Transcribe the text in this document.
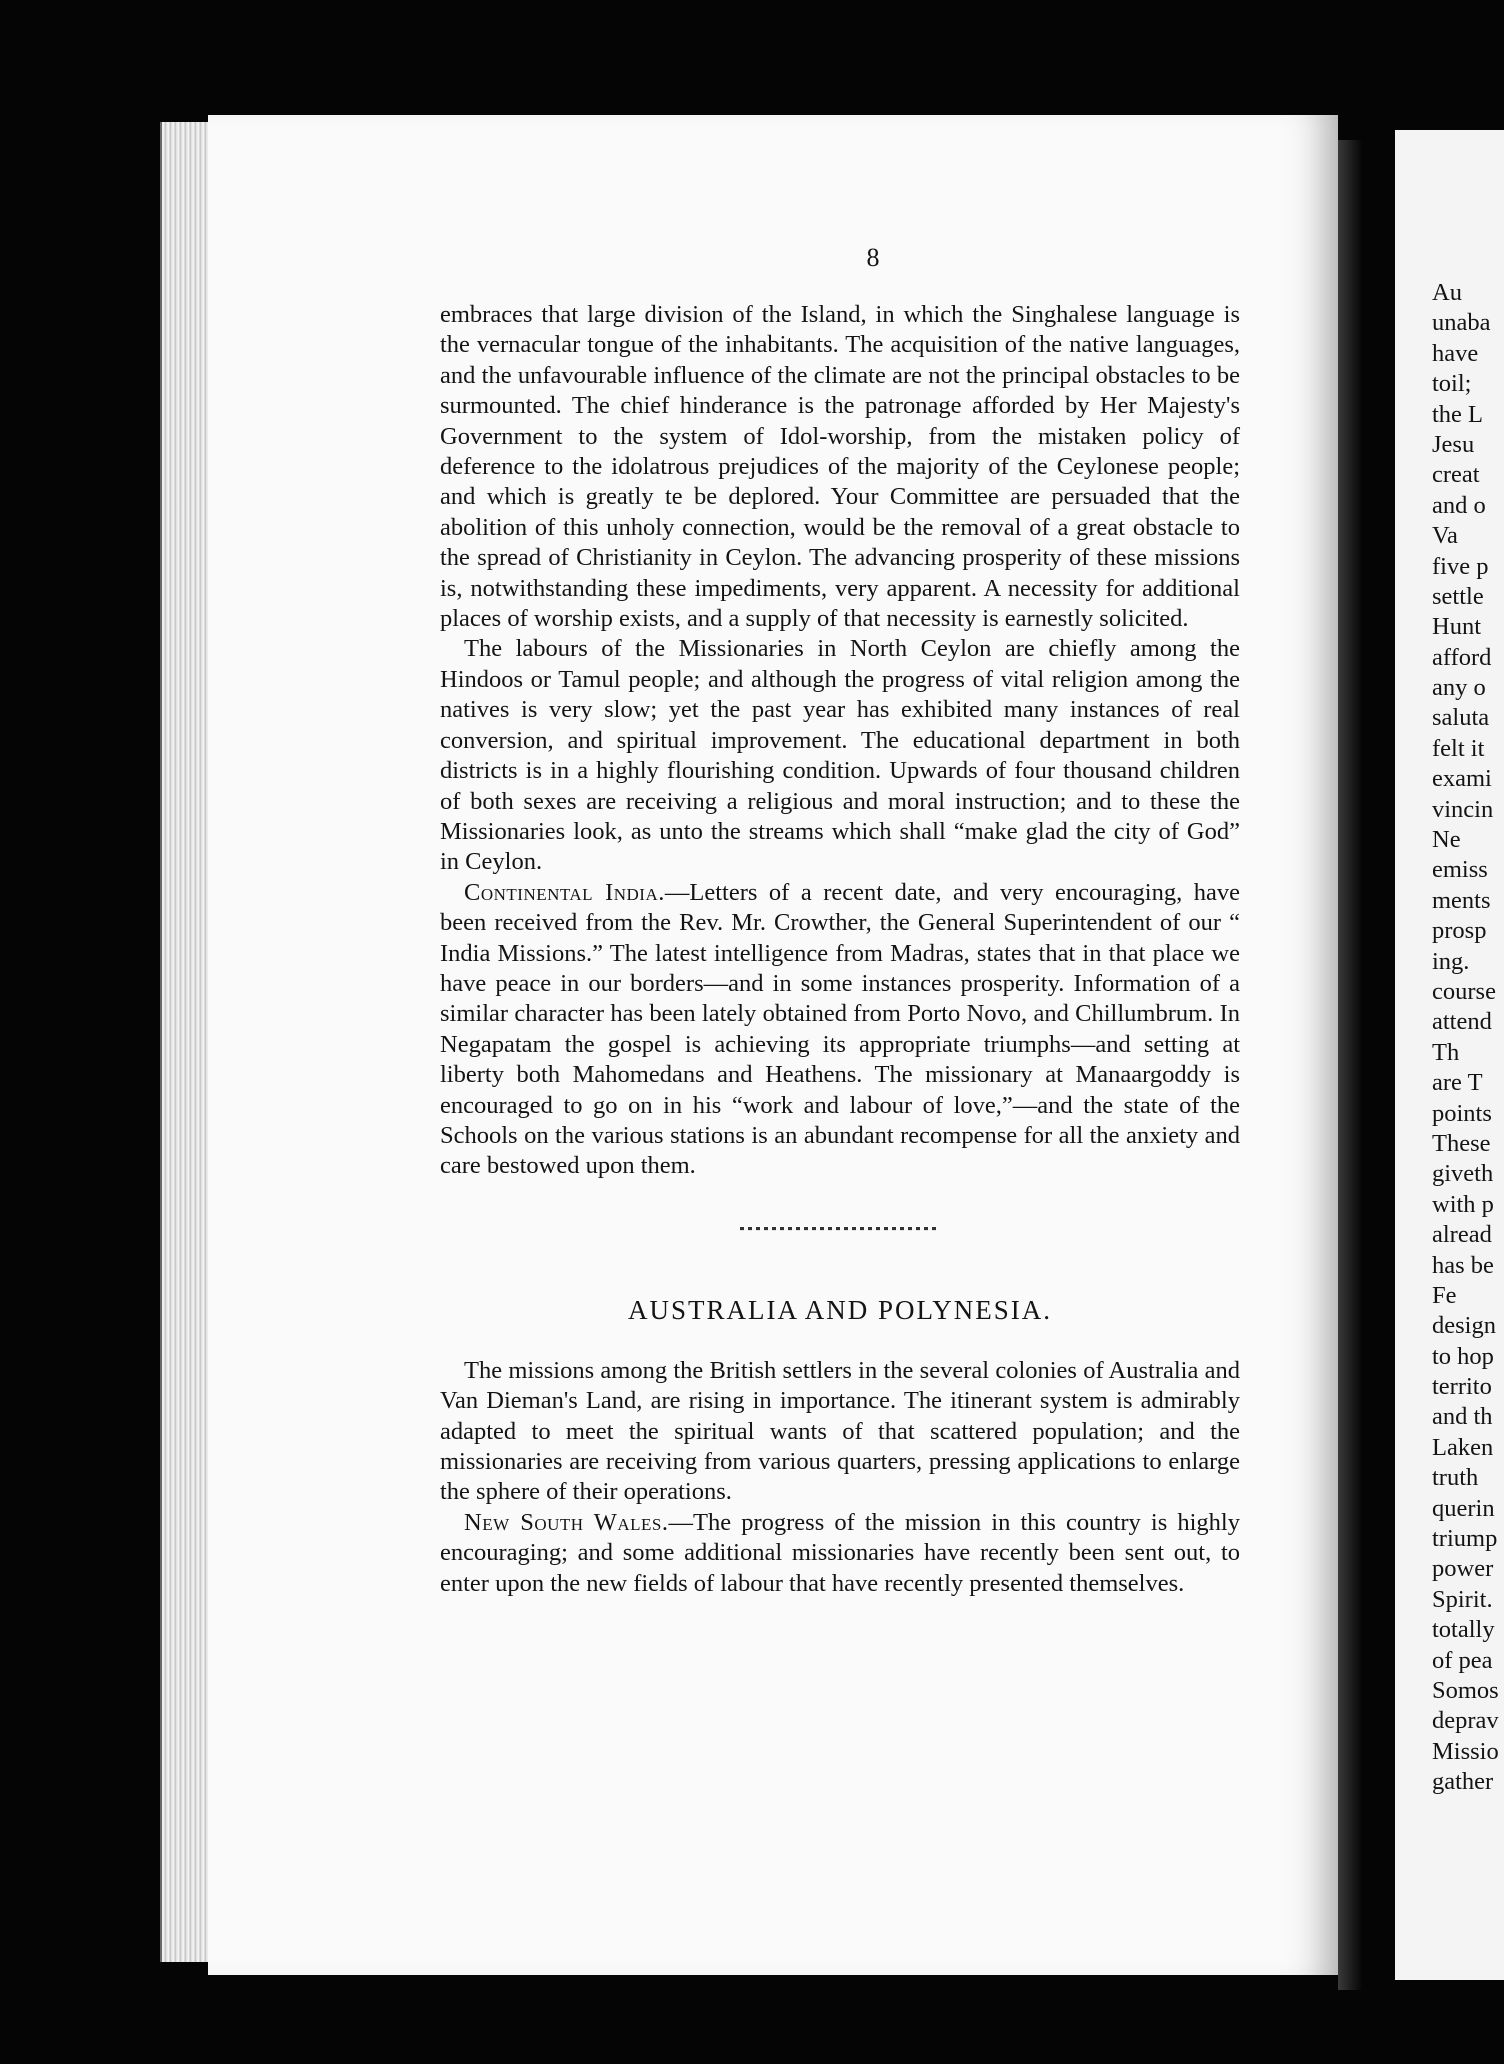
8

embraces that large division of the Island, in which the Singhalese language is the vernacular tongue of the inhabitants. The acquisition of the native languages, and the unfavourable influence of the climate are not the principal obstacles to be surmounted. The chief hinderance is the patronage afforded by Her Majesty's Government to the system of Idol-worship, from the mistaken policy of deference to the idolatrous prejudices of the majority of the Ceylonese people; and which is greatly te be deplored. Your Committee are persuaded that the abolition of this unholy connection, would be the removal of a great obstacle to the spread of Christianity in Ceylon. The advancing prosperity of these missions is, notwithstanding these impediments, very apparent. A necessity for additional places of worship exists, and a supply of that necessity is earnestly solicited.

The labours of the Missionaries in North Ceylon are chiefly among the Hindoos or Tamul people; and although the progress of vital religion among the natives is very slow; yet the past year has exhibited many instances of real conversion, and spiritual improvement. The educational department in both districts is in a highly flourishing condition. Upwards of four thousand children of both sexes are receiving a religious and moral instruction; and to these the Missionaries look, as unto the streams which shall “make glad the city of God” in Ceylon.

Continental India.—Letters of a recent date, and very encouraging, have been received from the Rev. Mr. Crowther, the General Superintendent of our “ India Missions.” The latest intelligence from Madras, states that in that place we have peace in our borders—and in some instances prosperity. Information of a similar character has been lately obtained from Porto Novo, and Chillumbrum. In Negapatam the gospel is achieving its appropriate triumphs—and setting at liberty both Mahomedans and Heathens. The missionary at Manaargoddy is encouraged to go on in his “work and labour of love,”—and the state of the Schools on the various stations is an abundant recompense for all the anxiety and care bestowed upon them.

AUSTRALIA AND POLYNESIA.

The missions among the British settlers in the several colonies of Australia and Van Dieman's Land, are rising in importance. The itinerant system is admirably adapted to meet the spiritual wants of that scattered population; and the missionaries are receiving from various quarters, pressing applications to enlarge the sphere of their operations.

New South Wales.—The progress of the mission in this country is highly encouraging; and some additional missionaries have recently been sent out, to enter upon the new fields of labour that have recently presented themselves.

Au
unaba
have
toil;
the L
Jesu
creat
and o
Va
five p
settle
Hunt
afford
any o
saluta
felt it
exami
vincin
Ne
emiss
ments
prosp
ing.
course
attend
Th
are T
points
These
giveth
with p
alread
has be
Fe
design
to hop
territo
and th
Laken
truth
querin
triump
power
Spirit.
totally
of pea
Somos
deprav
Missio
gather
